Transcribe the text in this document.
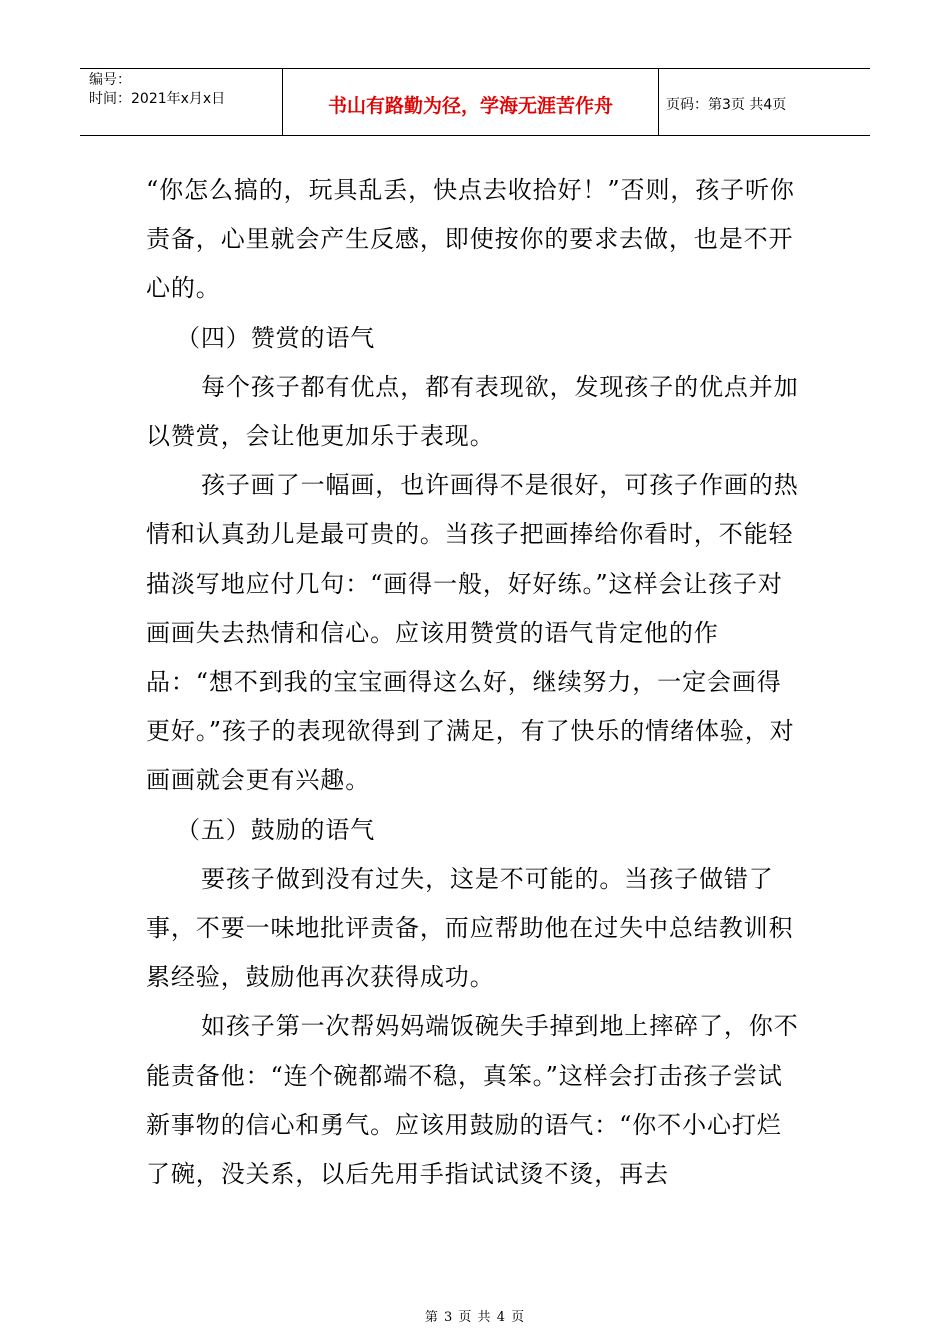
编号：
时间：2021年x月x日	书山有路勤为径，学海无涯苦作舟	页码：第3页 共4页

“你怎么搞的，玩具乱丢，快点去收拾好！”否则，孩子听你责备，心里就会产生反感，即使按你的要求去做，也是不开心的。

（四）赞赏的语气

每个孩子都有优点，都有表现欲，发现孩子的优点并加以赞赏，会让他更加乐于表现。

孩子画了一幅画，也许画得不是很好，可孩子作画的热情和认真劲儿是最可贵的。当孩子把画捧给你看时，不能轻描淡写地应付几句：“画得一般，好好练。”这样会让孩子对画画失去热情和信心。应该用赞赏的语气肯定他的作品：“想不到我的宝宝画得这么好，继续努力，一定会画得更好。”孩子的表现欲得到了满足，有了快乐的情绪体验，对画画就会更有兴趣。

（五）鼓励的语气

要孩子做到没有过失，这是不可能的。当孩子做错了事，不要一味地批评责备，而应帮助他在过失中总结教训积累经验，鼓励他再次获得成功。

如孩子第一次帮妈妈端饭碗失手掉到地上摔碎了，你不能责备他：“连个碗都端不稳，真笨。”这样会打击孩子尝试新事物的信心和勇气。应该用鼓励的语气：“你不小心打烂了碗，没关系，以后先用手指试试烫不烫，再去

第 3 页 共 4 页
